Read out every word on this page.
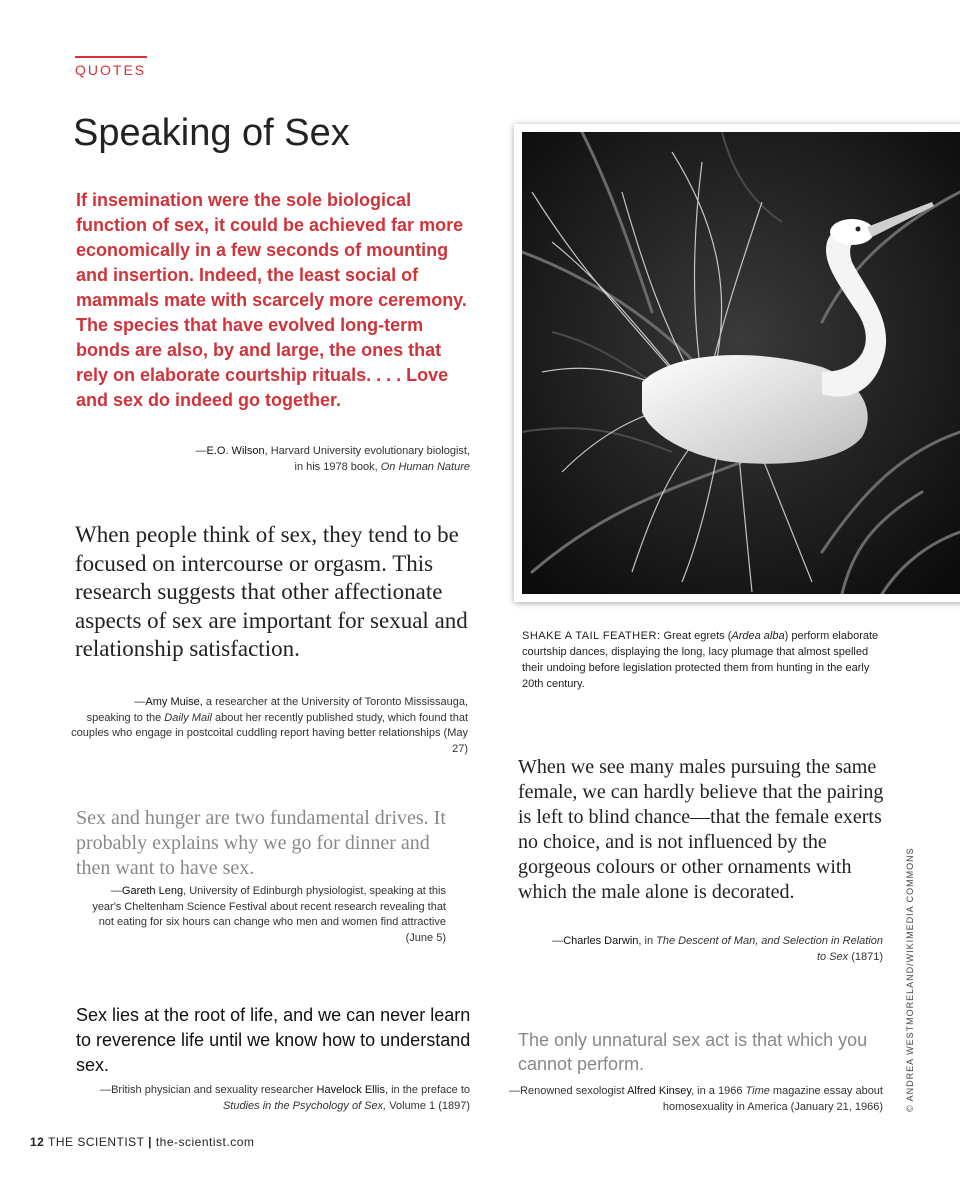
QUOTES
Speaking of Sex
If insemination were the sole biological function of sex, it could be achieved far more economically in a few seconds of mounting and insertion. Indeed, the least social of mammals mate with scarcely more ceremony. The species that have evolved long-term bonds are also, by and large, the ones that rely on elaborate courtship rituals. . . . Love and sex do indeed go together.
—E.O. Wilson, Harvard University evolutionary biologist,
in his 1978 book, On Human Nature
When people think of sex, they tend to be focused on intercourse or orgasm. This research suggests that other affectionate aspects of sex are important for sexual and relationship satisfaction.
—Amy Muise, a researcher at the University of Toronto Mississauga,
speaking to the Daily Mail about her recently published study, which found that couples who engage in postcoital cuddling report having better relationships (May 27)
Sex and hunger are two fundamental drives. It probably explains why we go for dinner and then want to have sex.
—Gareth Leng, University of Edinburgh physiologist, speaking at this year's Cheltenham Science Festival about recent research revealing that not eating for six hours can change who men and women find attractive (June 5)
Sex lies at the root of life, and we can never learn to reverence life until we know how to understand sex.
—British physician and sexuality researcher Havelock Ellis, in the preface to Studies in the Psychology of Sex, Volume 1 (1897)
SHAKE A TAIL FEATHER: Great egrets (Ardea alba) perform elaborate courtship dances, displaying the long, lacy plumage that almost spelled their undoing before legislation protected them from hunting in the early 20th century.
When we see many males pursuing the same female, we can hardly believe that the pairing is left to blind chance—that the female exerts no choice, and is not influenced by the gorgeous colours or other ornaments with which the male alone is decorated.
—Charles Darwin, in The Descent of Man, and Selection in Relation to Sex (1871)
The only unnatural sex act is that which you cannot perform.
—Renowned sexologist Alfred Kinsey, in a 1966 Time magazine essay about homosexuality in America (January 21, 1966) © ANDREA WESTMORELAND/WIKIMEDIA COMMONS
12 THE SCIENTIST | the-scientist.com
